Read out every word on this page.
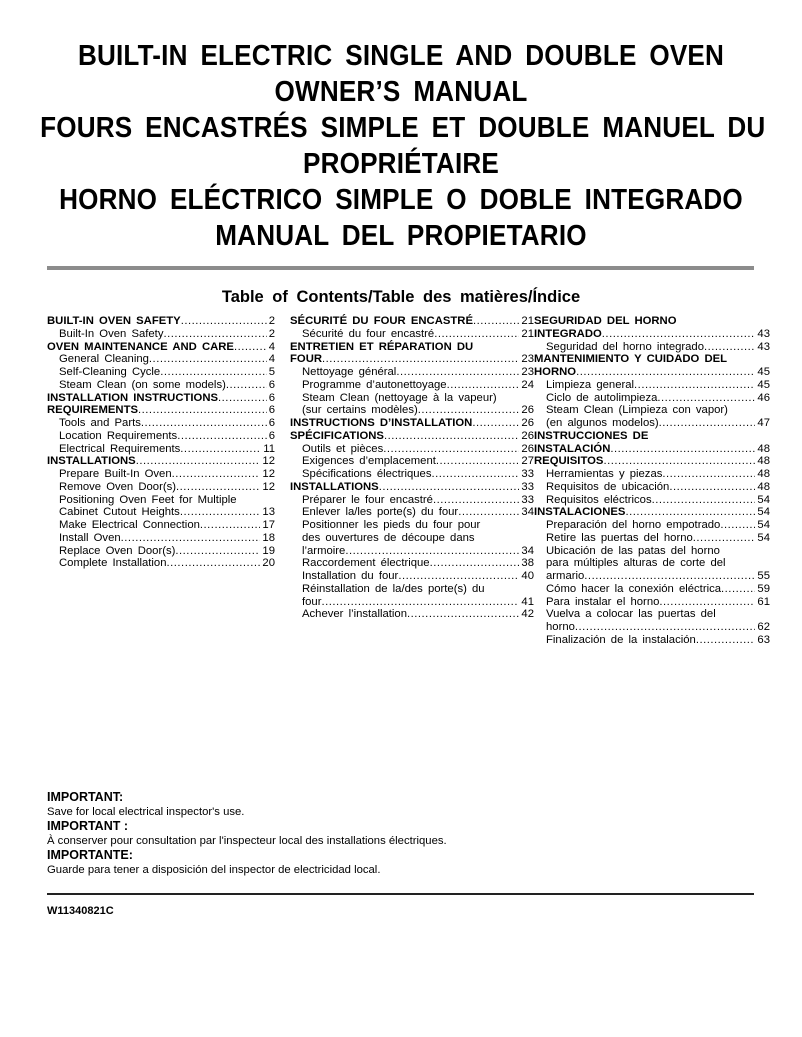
BUILT-IN ELECTRIC SINGLE AND DOUBLE OVEN
OWNER’S MANUAL
FOURS ENCASTRÉS SIMPLE ET DOUBLE MANUEL DU
PROPRIÉTAIRE
HORNO ELÉCTRICO SIMPLE O DOBLE INTEGRADO
MANUAL DEL PROPIETARIO
Table of Contents/Table des matières/Índice
BUILT-IN OVEN SAFETY .....	2
Built-In Oven Safety .....	2
OVEN MAINTENANCE AND CARE .....	4
General Cleaning .....	4
Self-Cleaning Cycle .....	5
Steam Clean (on some models) .....	6
INSTALLATION INSTRUCTIONS .....	6
REQUIREMENTS .....	6
Tools and Parts .....	6
Location Requirements .....	6
Electrical Requirements .....	11
INSTALLATIONS .....	12
Prepare Built-In Oven .....	12
Remove Oven Door(s) .....	12
Positioning Oven Feet for Multiple
Cabinet Cutout Heights .....	13
Make Electrical Connection .....	17
Install Oven .....	18
Replace Oven Door(s) .....	19
Complete Installation .....	20
SÉCURITÉ DU FOUR ENCASTRÉ .....	21
Sécurité du four encastré .....	21
ENTRETIEN ET RÉPARATION DU
FOUR .....	23
Nettoyage général .....	23
Programme d’autonettoyage .....	24
Steam Clean (nettoyage à la vapeur)
(sur certains modèles) .....	26
INSTRUCTIONS D’INSTALLATION .....	26
SPÉCIFICATIONS .....	26
Outils et pièces .....	26
Exigences d’emplacement .....	27
Spécifications électriques .....	33
INSTALLATIONS .....	33
Préparer le four encastré .....	33
Enlever la/les porte(s) du four .....	34
Positionner les pieds du four pour
des ouvertures de découpe dans
l’armoire .....	34
Raccordement électrique .....	38
Installation du four .....	40
Réinstallation de la/des porte(s) du
four .....	41
Achever l’installation .....	42
SEGURIDAD DEL HORNO
INTEGRADO .....	43
Seguridad del horno integrado .....	43
MANTENIMIENTO Y CUIDADO DEL
HORNO .....	45
Limpieza general .....	45
Ciclo de autolimpieza .....	46
Steam Clean (Limpieza con vapor)
(en algunos modelos) .....	47
INSTRUCCIONES DE
INSTALACIÓN .....	48
REQUISITOS .....	48
Herramientas y piezas .....	48
Requisitos de ubicación .....	48
Requisitos eléctricos .....	54
INSTALACIONES .....	54
Preparación del horno empotrado .....	54
Retire las puertas del horno .....	54
Ubicación de las patas del horno
para múltiples alturas de corte del
armario .....	55
Cómo hacer la conexión eléctrica .....	59
Para instalar el horno .....	61
Vuelva a colocar las puertas del
horno .....	62
Finalización de la instalación .....	63
IMPORTANT:
Save for local electrical inspector's use.
IMPORTANT :
À conserver pour consultation par l'inspecteur local des installations électriques.
IMPORTANTE:
Guarde para tener a disposición del inspector de electricidad local.
W11340821C
